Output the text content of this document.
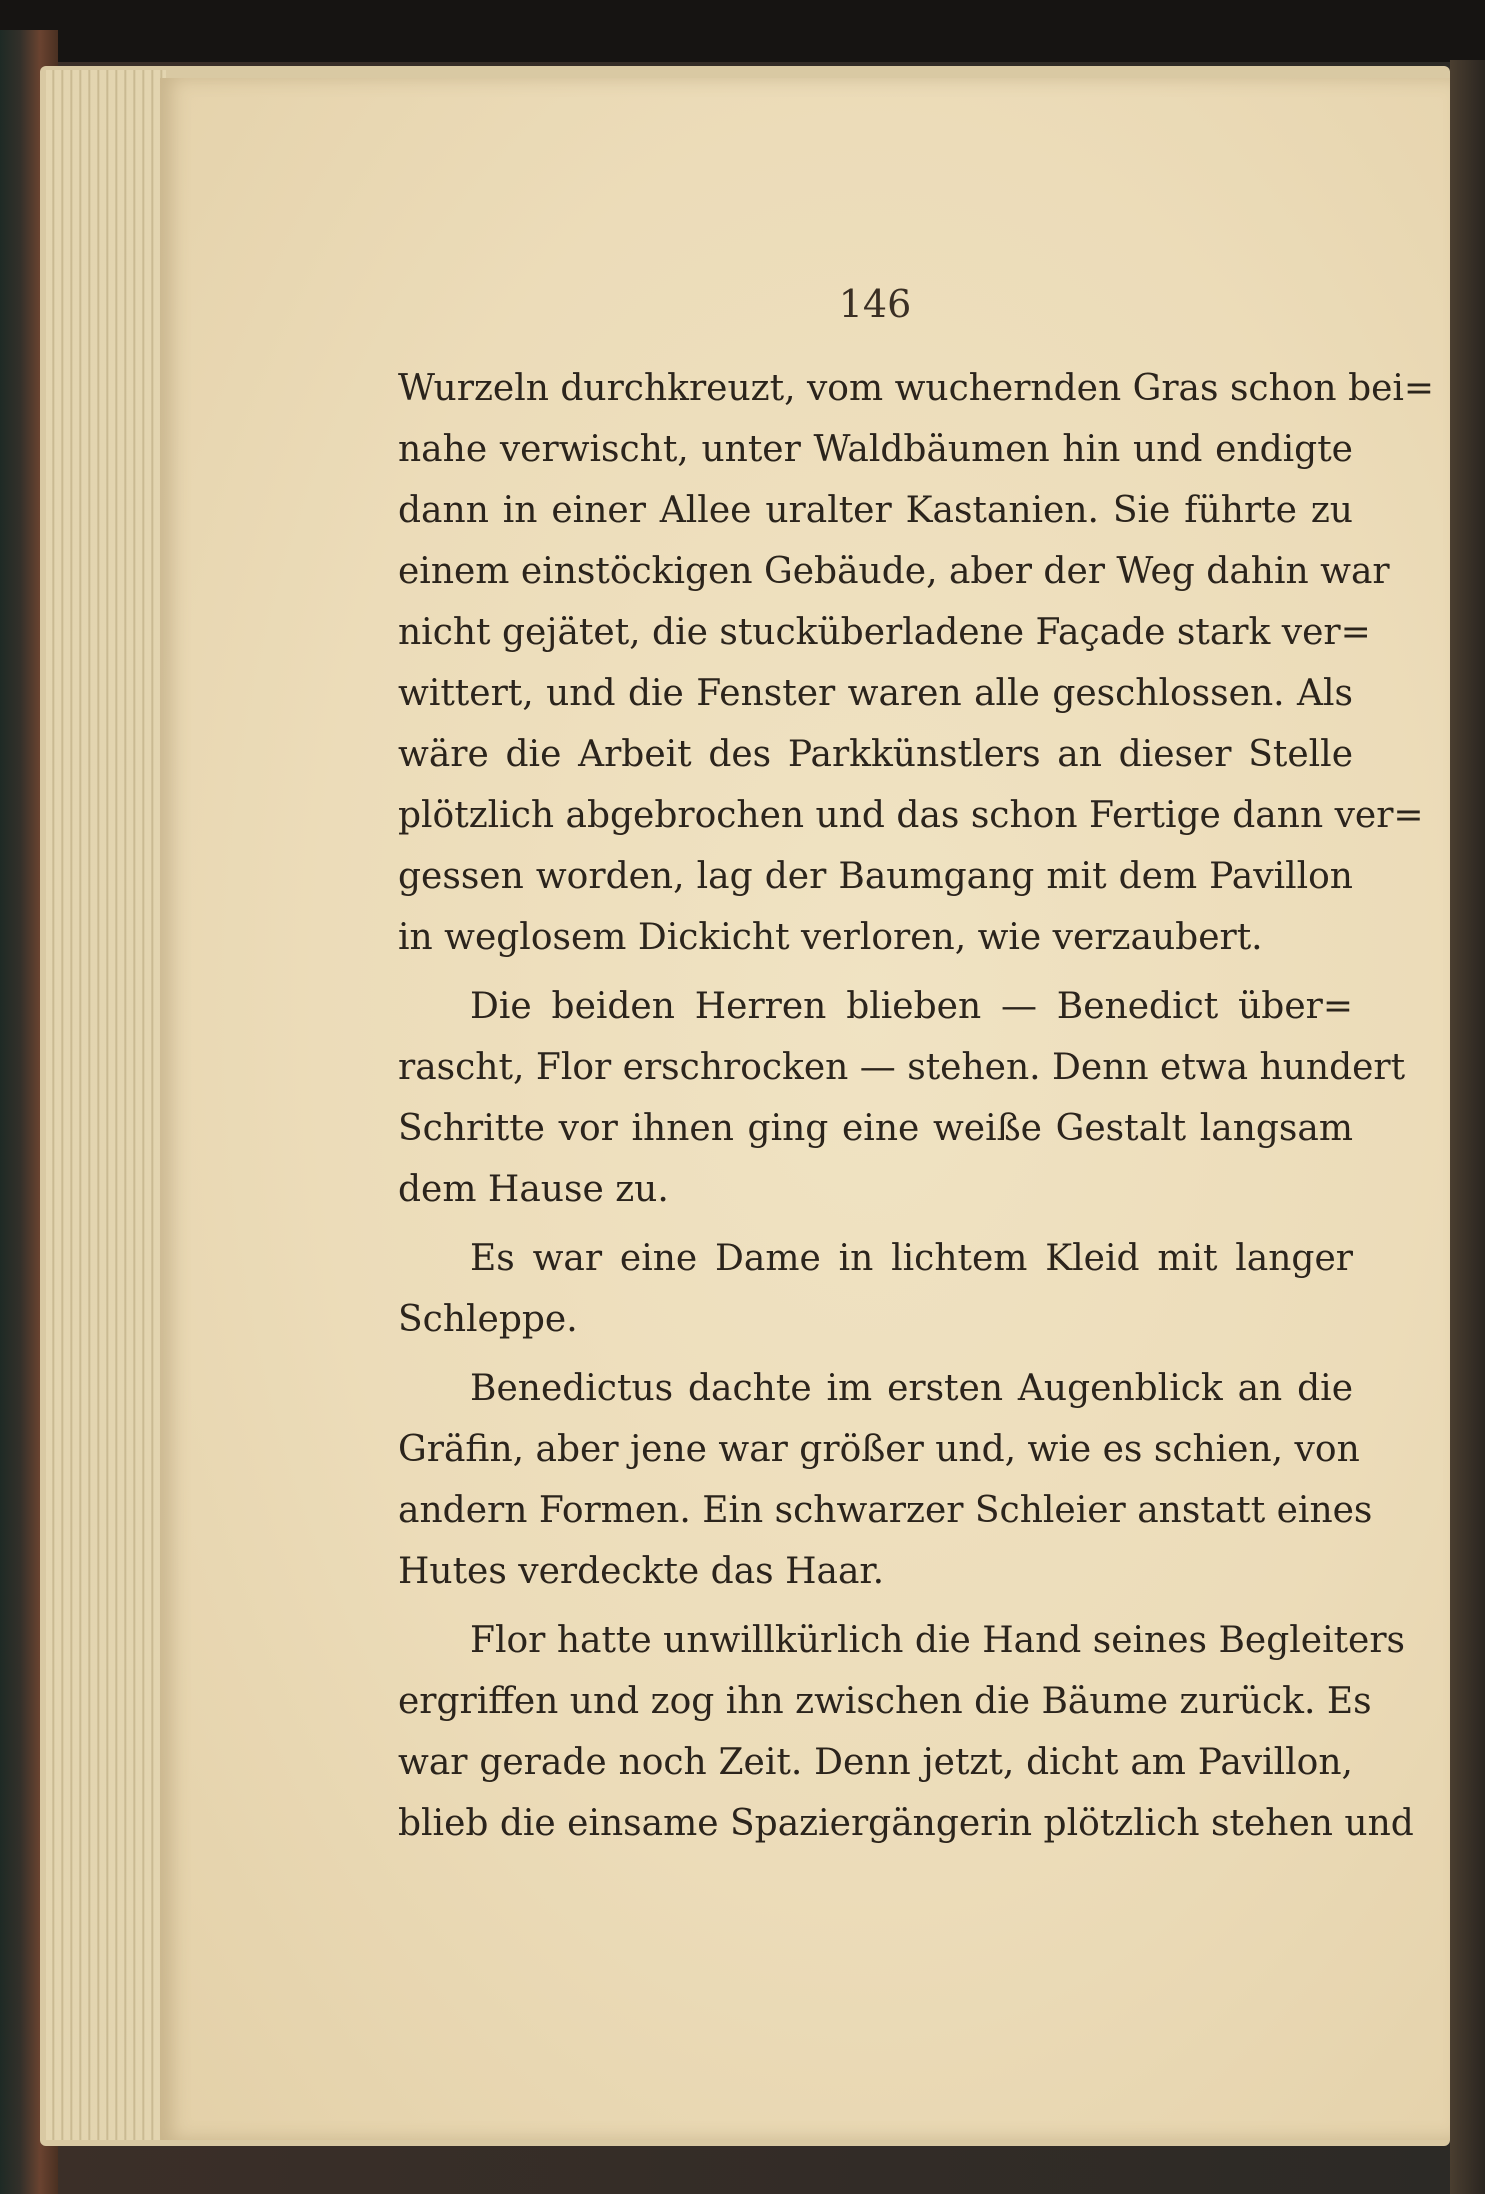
146
Wurzeln durchkreuzt, vom wuchernden Gras schon bei=
nahe verwischt, unter Waldbäumen hin und endigte
dann in einer Allee uralter Kastanien. Sie führte zu
einem einstöckigen Gebäude, aber der Weg dahin war
nicht gejätet, die stucküberladene Façade stark ver=
wittert, und die Fenster waren alle geschlossen. Als
wäre die Arbeit des Parkkünstlers an dieser Stelle
plötzlich abgebrochen und das schon Fertige dann ver=
gessen worden, lag der Baumgang mit dem Pavillon
in weglosem Dickicht verloren, wie verzaubert.
Die beiden Herren blieben — Benedict über=
rascht, Flor erschrocken — stehen. Denn etwa hundert
Schritte vor ihnen ging eine weiße Gestalt langsam
dem Hause zu.
Es war eine Dame in lichtem Kleid mit langer
Schleppe.
Benedictus dachte im ersten Augenblick an die
Gräfin, aber jene war größer und, wie es schien, von
andern Formen. Ein schwarzer Schleier anstatt eines
Hutes verdeckte das Haar.
Flor hatte unwillkürlich die Hand seines Begleiters
ergriffen und zog ihn zwischen die Bäume zurück. Es
war gerade noch Zeit. Denn jetzt, dicht am Pavillon,
blieb die einsame Spaziergängerin plötzlich stehen und
